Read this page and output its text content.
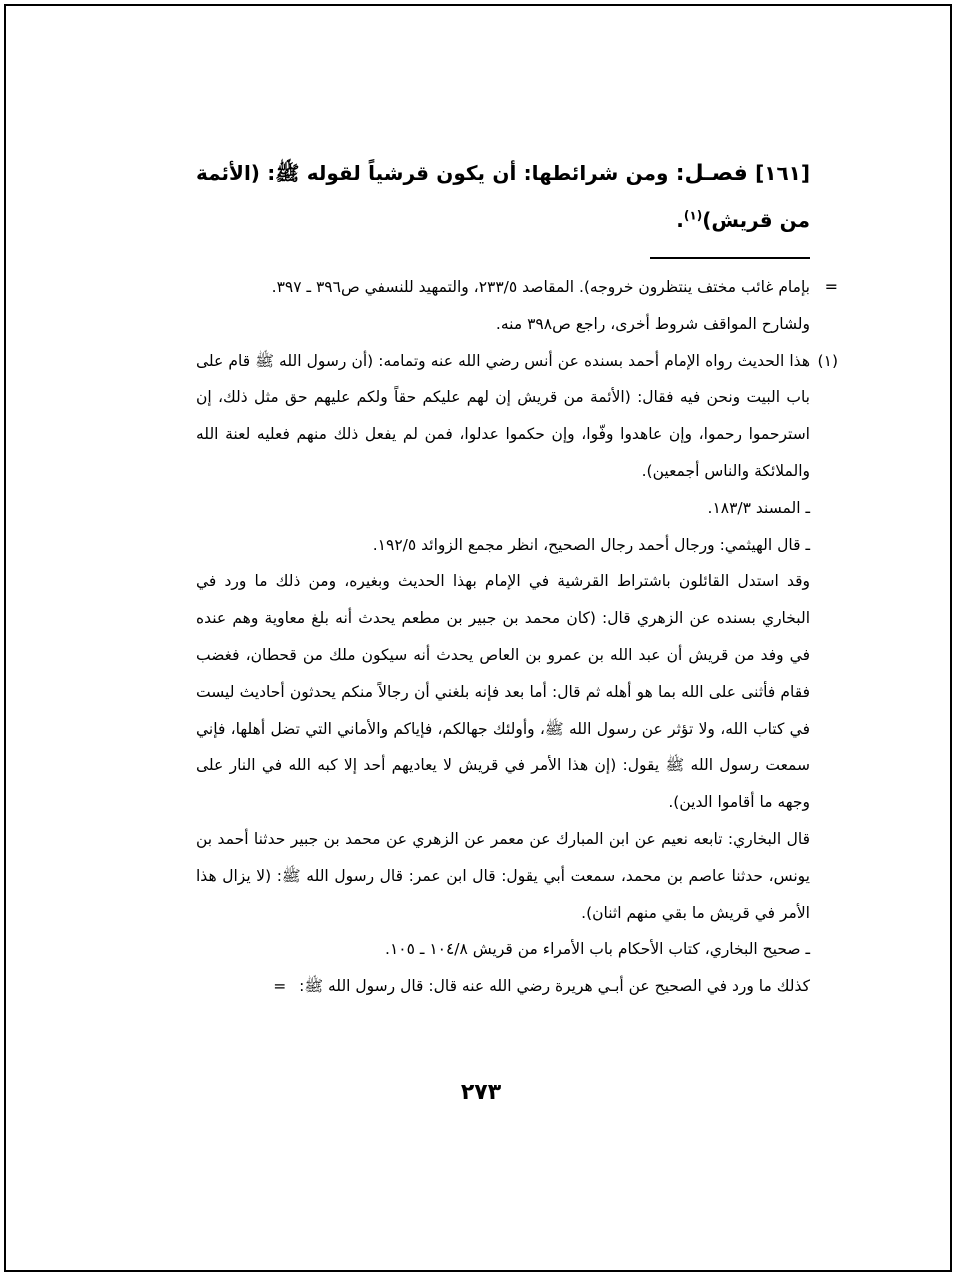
[١٦١] فصـل: ومن شرائطها: أن يكون قرشياً لقوله ﷺ: (الأئمة من قريش)$^{(١)}$.

=
بإمام غائب مختف ينتظرون خروجه). المقاصد ٢٣٣/٥، والتمهيد للنسفي ص٣٩٦ ـ ٣٩٧.

ولشارح المواقف شروط أخرى، راجع ص٣٩٨ منه.

(١)
هذا الحديث رواه الإمام أحمد بسنده عن أنس رضي الله عنه وتمامه: (أن رسول الله ﷺ قام على باب البيت ونحن فيه فقال: (الأئمة من قريش إن لهم عليكم حقاً ولكم عليهم حق مثل ذلك، إن استرحموا رحموا، وإن عاهدوا وفّوا، وإن حكموا عدلوا، فمن لم يفعل ذلك منهم فعليه لعنة الله والملائكة والناس أجمعين).

ـ المسند ١٨٣/٣.

ـ قال الهيثمي: ورجال أحمد رجال الصحيح، انظر مجمع الزوائد ١٩٢/٥.

وقد استدل القائلون باشتراط القرشية في الإمام بهذا الحديث وبغيره، ومن ذلك ما ورد في البخاري بسنده عن الزهري قال: (كان محمد بن جبير بن مطعم يحدث أنه بلغ معاوية وهم عنده في وفد من قريش أن عبد الله بن عمرو بن العاص يحدث أنه سيكون ملك من قحطان، فغضب فقام فأثنى على الله بما هو أهله ثم قال: أما بعد فإنه بلغني أن رجالاً منكم يحدثون أحاديث ليست في كتاب الله، ولا تؤثر عن رسول الله ﷺ، وأولئك جهالكم، فإياكم والأماني التي تضل أهلها، فإني سمعت رسول الله ﷺ يقول: (إن هذا الأمر في قريش لا يعاديهم أحد إلا كبه الله في النار على وجهه ما أقاموا الدين).

قال البخاري: تابعه نعيم عن ابن المبارك عن معمر عن الزهري عن محمد بن جبير حدثنا أحمد بن يونس، حدثنا عاصم بن محمد، سمعت أبي يقول: قال ابن عمر: قال رسول الله ﷺ: (لا يزال هذا الأمر في قريش ما بقي منهم اثنان).

ـ صحيح البخاري، كتاب الأحكام باب الأمراء من قريش ١٠٤/٨ ـ ١٠٥.

كذلك ما ورد في الصحيح عن أبـي هريرة رضي الله عنه قال: قال رسول الله ﷺ: =

٢٧٣
